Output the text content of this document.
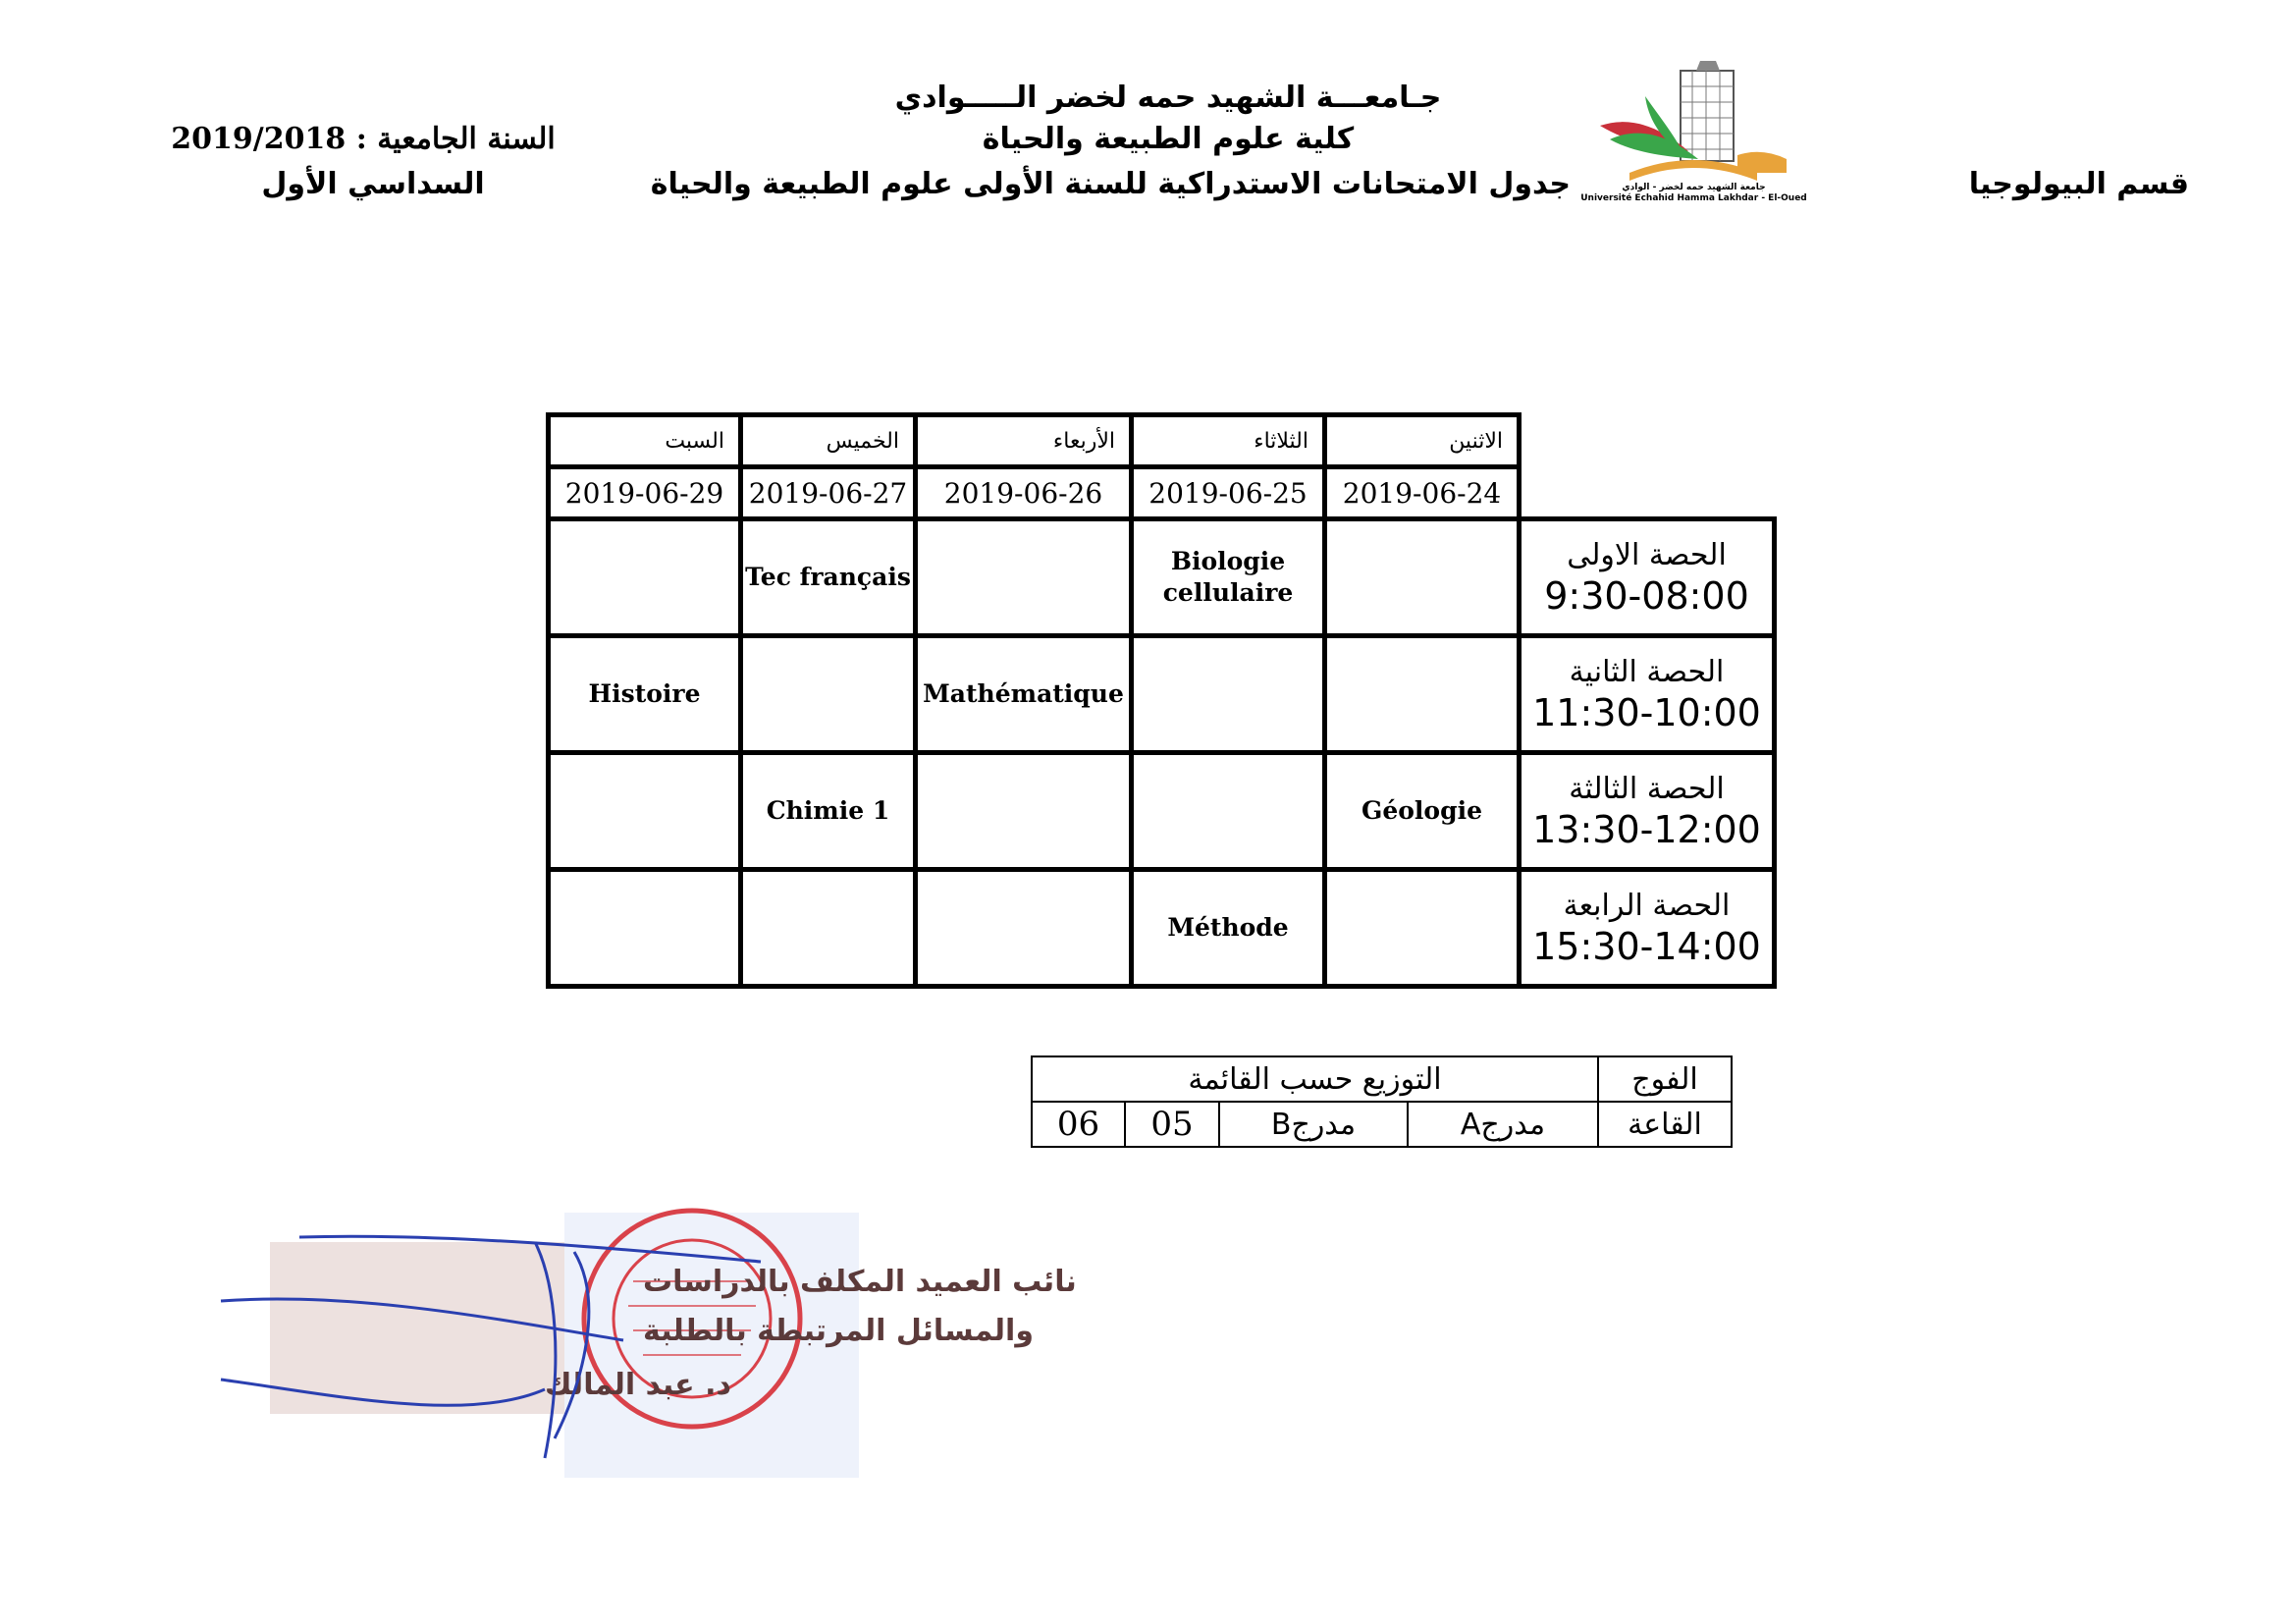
جـامعـــة الشهيد حمه لخضر الـــــوادي
كلية علوم الطبيعة والحياة
جدول الامتحانات الاستدراكية للسنة الأولى علوم الطبيعة والحياة
السنة الجامعية : 2019/2018
السداسي الأول	قسم البيولوجيا
جامعة الشهيد حمه لخضر - الوادي
Université Echahid Hamma Lakhdar - El-Oued
السبت	الخميس	الأربعاء	الثلاثاء	الاثنين	
2019-06-29	2019-06-27	2019-06-26	2019-06-25	2019-06-24	
	Tec français		Biologie cellulaire		الحصة الاولى
9:30-08:00

Histoire		Mathématique			الحصة الثانية
11:30-10:00

	Chimie 1			Géologie	الحصة الثالثة
13:30-12:00

			Méthode		الحصة الرابعة
15:30-14:00
التوزيع حسب القائمة				الفوج
06	05	مدرجB	مدرجA	القاعة
نائب العميد المكلف بالدراسات
والمسائل المرتبطة بالطلبة
د. عبد المالك
